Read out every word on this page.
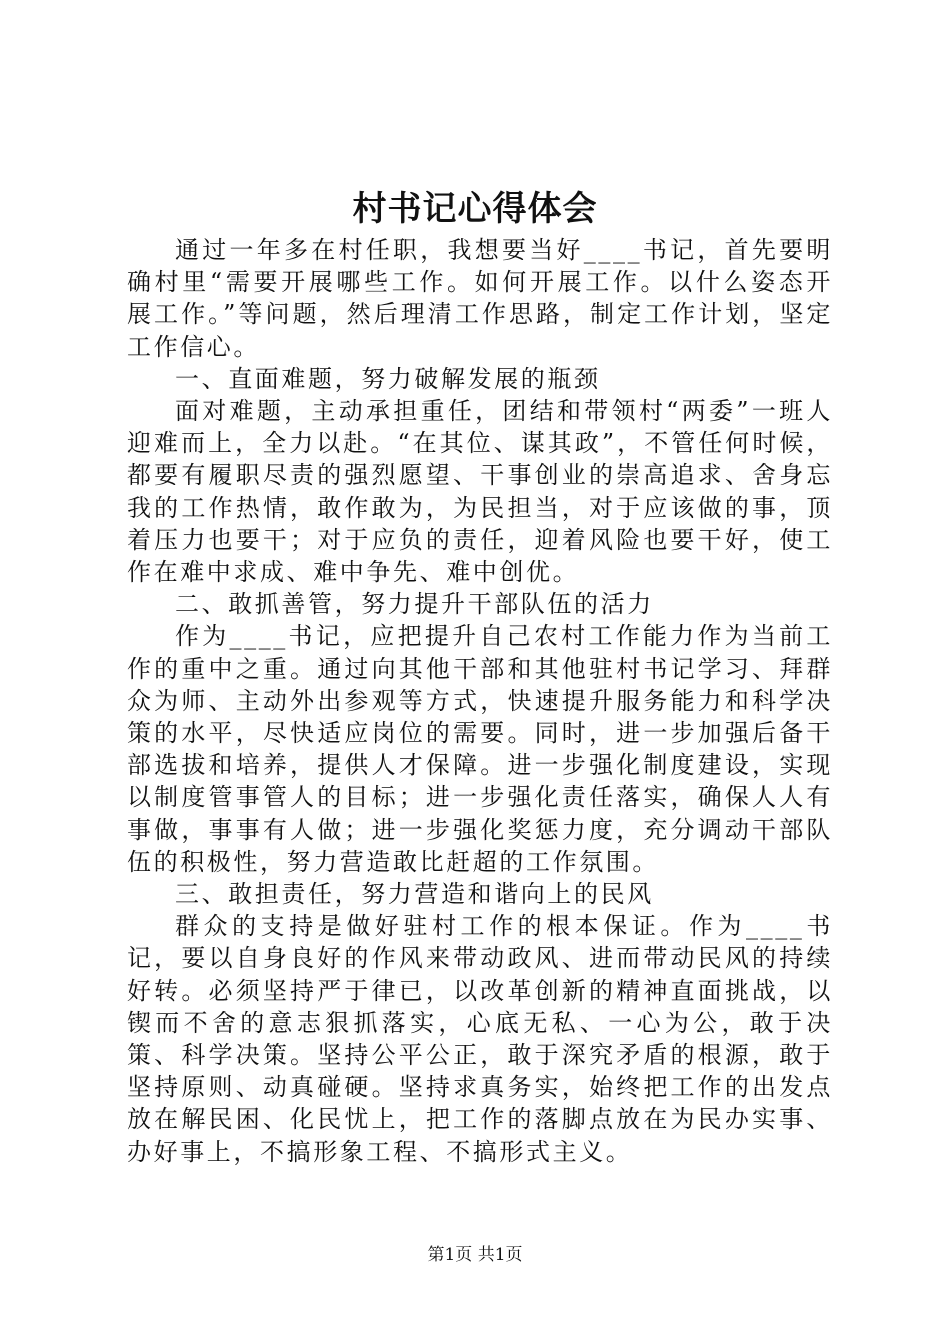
村书记心得体会

通过一年多在村任职，我想要当好____书记，首先要明确村里“需要开展哪些工作。如何开展工作。以什么姿态开展工作。”等问题，然后理清工作思路，制定工作计划，坚定工作信心。

一、直面难题，努力破解发展的瓶颈

面对难题，主动承担重任，团结和带领村“两委”一班人迎难而上，全力以赴。“在其位、谋其政”，不管任何时候，都要有履职尽责的强烈愿望、干事创业的崇高追求、舍身忘我的工作热情，敢作敢为，为民担当，对于应该做的事，顶着压力也要干；对于应负的责任，迎着风险也要干好，使工作在难中求成、难中争先、难中创优。

二、敢抓善管，努力提升干部队伍的活力

作为____书记，应把提升自己农村工作能力作为当前工作的重中之重。通过向其他干部和其他驻村书记学习、拜群众为师、主动外出参观等方式，快速提升服务能力和科学决策的水平，尽快适应岗位的需要。同时，进一步加强后备干部选拔和培养，提供人才保障。进一步强化制度建设，实现以制度管事管人的目标；进一步强化责任落实，确保人人有事做，事事有人做；进一步强化奖惩力度，充分调动干部队伍的积极性，努力营造敢比赶超的工作氛围。

三、敢担责任，努力营造和谐向上的民风

群众的支持是做好驻村工作的根本保证。作为____书记，要以自身良好的作风来带动政风、进而带动民风的持续好转。必须坚持严于律已，以改革创新的精神直面挑战，以锲而不舍的意志狠抓落实，心底无私、一心为公，敢于决策、科学决策。坚持公平公正，敢于深究矛盾的根源，敢于坚持原则、动真碰硬。坚持求真务实，始终把工作的出发点放在解民困、化民忧上，把工作的落脚点放在为民办实事、办好事上，不搞形象工程、不搞形式主义。

第1页 共1页
